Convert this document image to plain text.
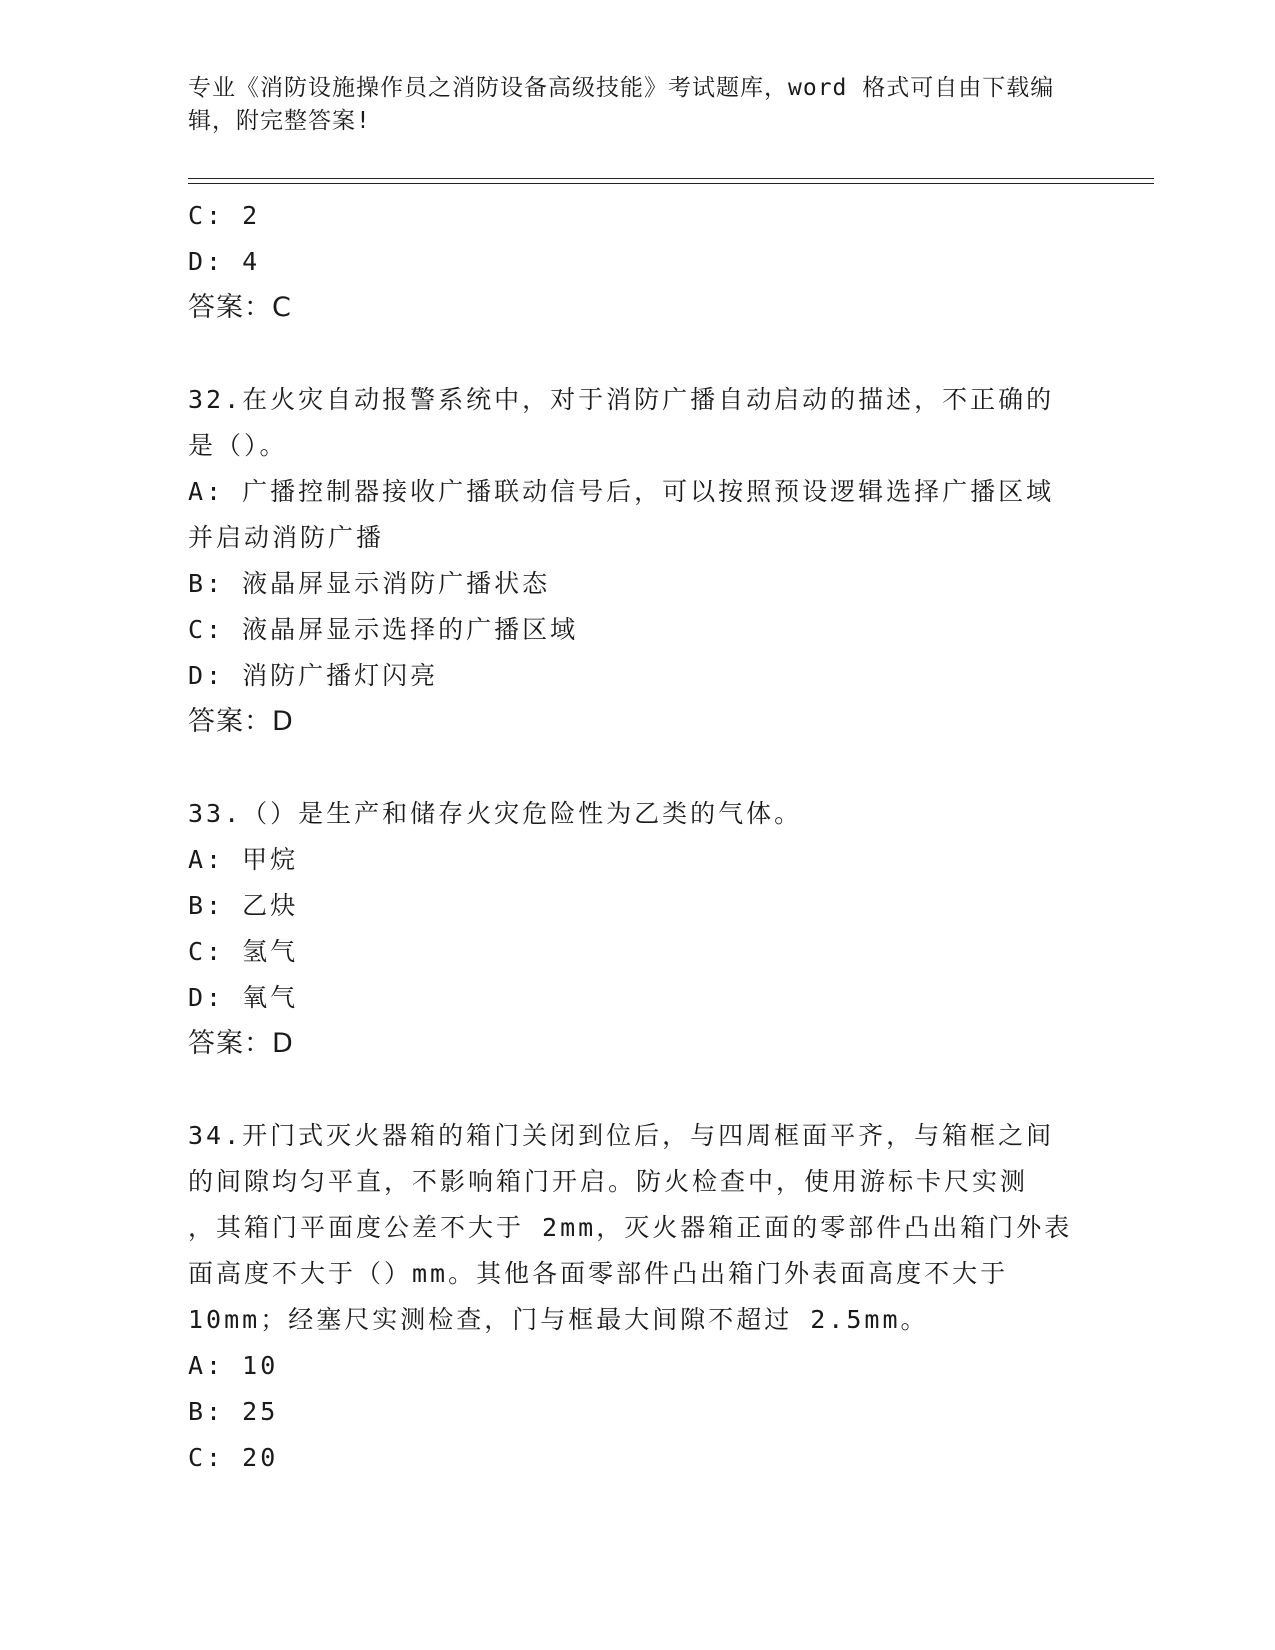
专业《消防设施操作员之消防设备高级技能》考试题库，word 格式可自由下载编
辑，附完整答案!
C: 2
D: 4
答案：C
32.在火灾自动报警系统中，对于消防广播自动启动的描述，不正确的
是（）。
A: 广播控制器接收广播联动信号后，可以按照预设逻辑选择广播区域
并启动消防广播
B: 液晶屏显示消防广播状态
C: 液晶屏显示选择的广播区域
D: 消防广播灯闪亮
答案：D
33.（）是生产和储存火灾危险性为乙类的气体。
A: 甲烷
B: 乙炔
C: 氢气
D: 氧气
答案：D
34.开门式灭火器箱的箱门关闭到位后，与四周框面平齐，与箱框之间
的间隙均匀平直，不影响箱门开启。防火检查中，使用游标卡尺实测
，其箱门平面度公差不大于 2mm，灭火器箱正面的零部件凸出箱门外表
面高度不大于（）mm。其他各面零部件凸出箱门外表面高度不大于
10mm；经塞尺实测检查，门与框最大间隙不超过 2.5mm。
A: 10
B: 25
C: 20
